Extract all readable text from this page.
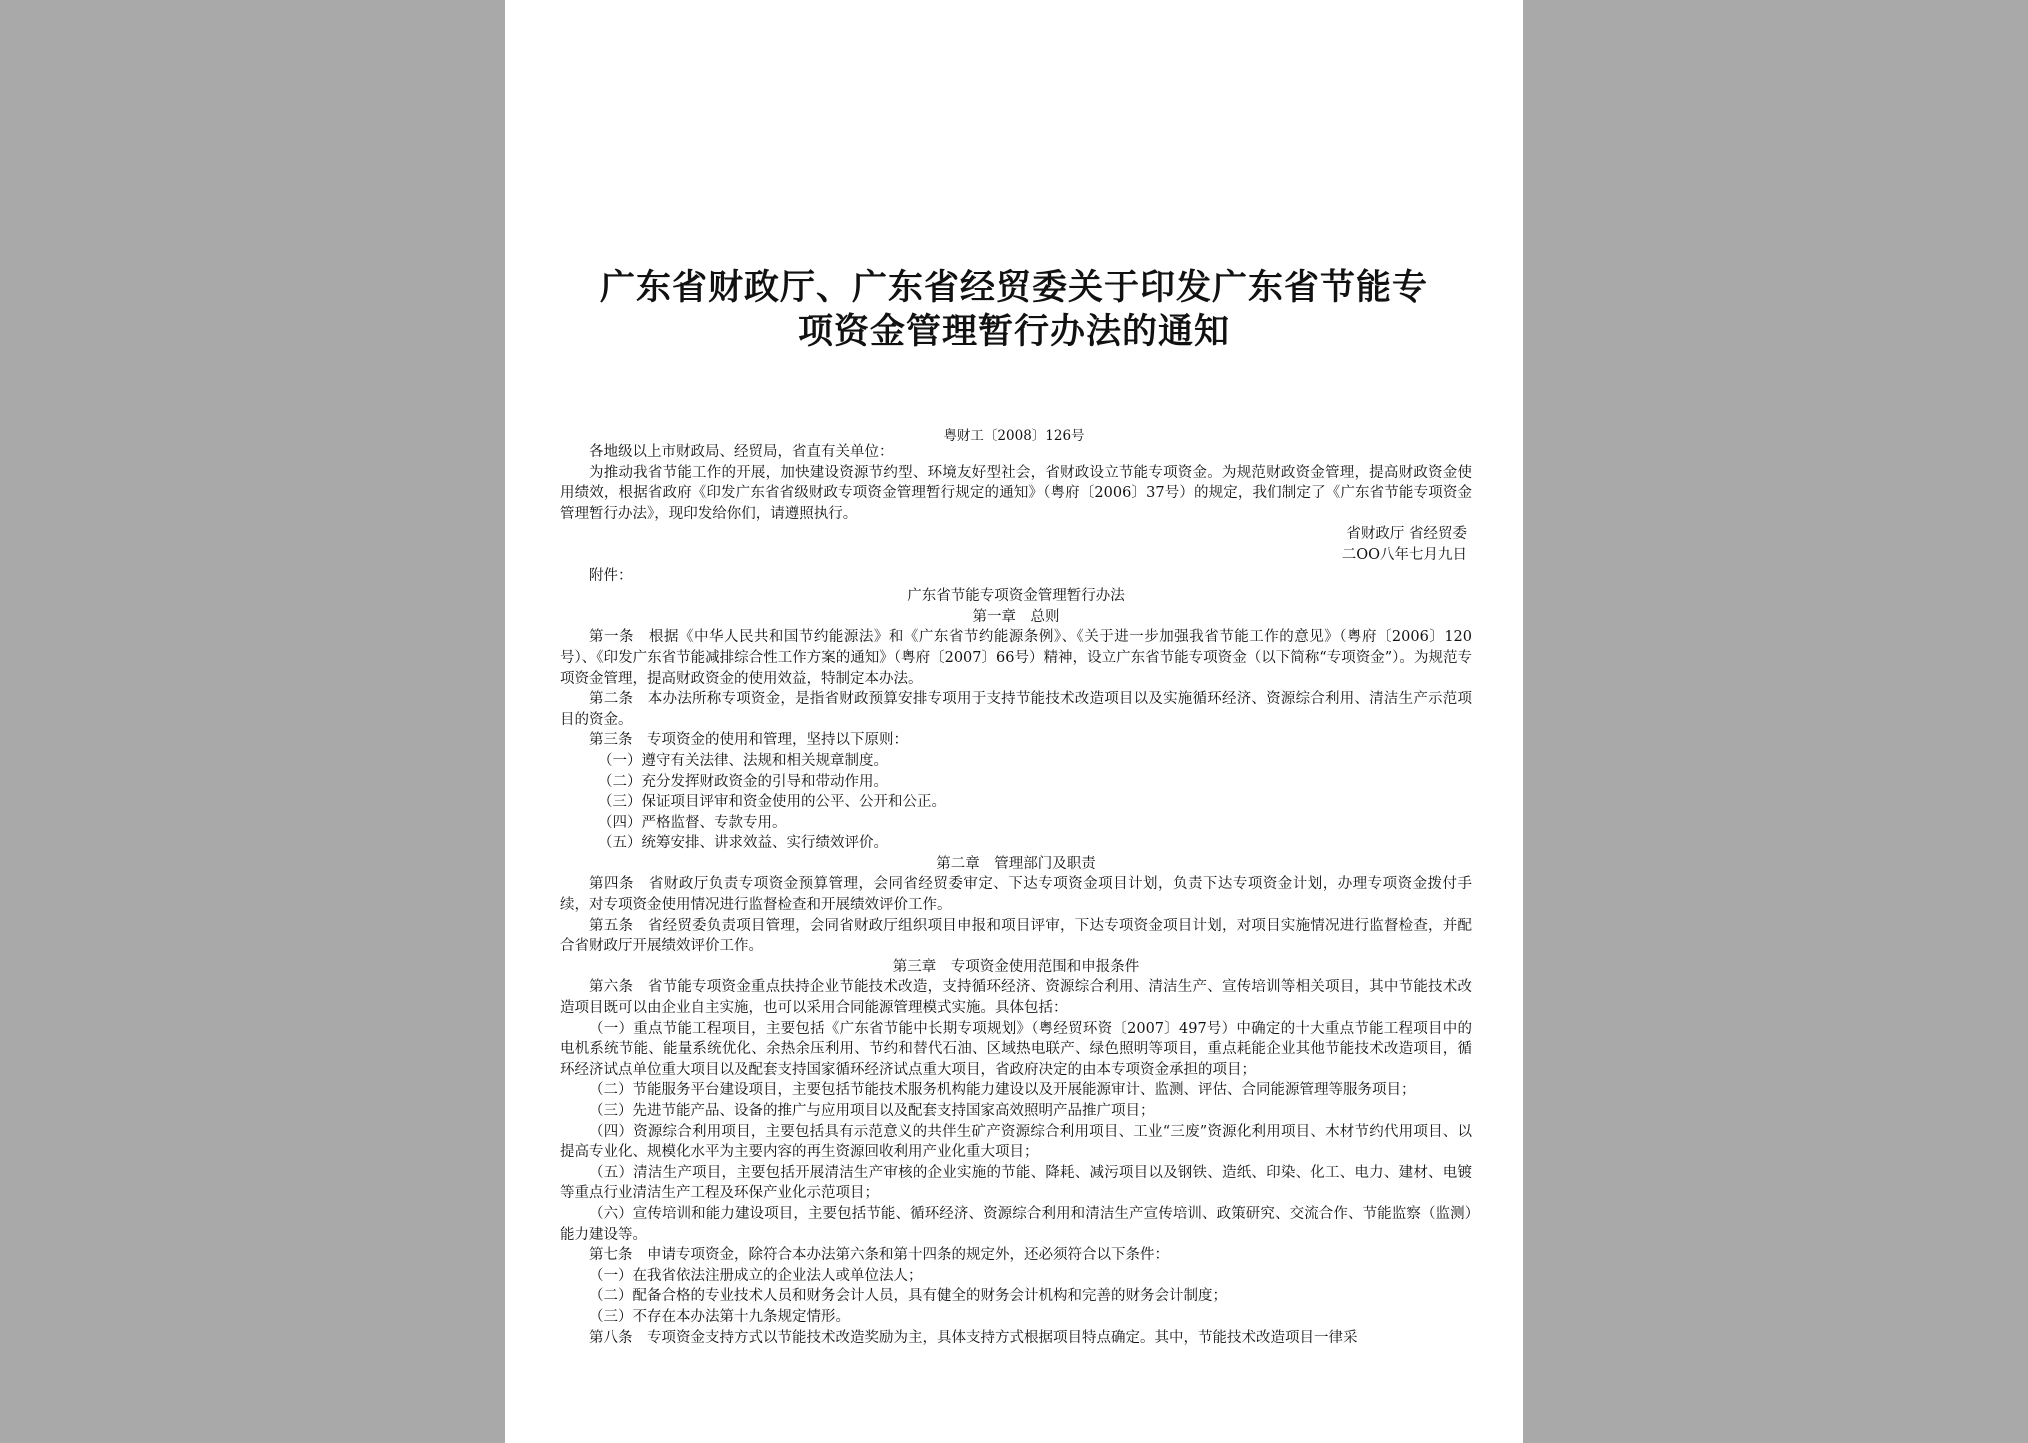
广东省财政厅、广东省经贸委关于印发广东省节能专
项资金管理暂行办法的通知
粤财工〔2008〕126号

各地级以上市财政局、经贸局，省直有关单位：

为推动我省节能工作的开展，加快建设资源节约型、环境友好型社会，省财政设立节能专项资金。为规范财政资金管理，提高财政资金使用绩效，根据省政府《印发广东省省级财政专项资金管理暂行规定的通知》（粤府〔2006〕37号）的规定，我们制定了《广东省节能专项资金管理暂行办法》，现印发给你们，请遵照执行。

省财政厅 省经贸委

二OO八年七月九日

附件：

广东省节能专项资金管理暂行办法

第一章　总则

第一条　根据《中华人民共和国节约能源法》和《广东省节约能源条例》、《关于进一步加强我省节能工作的意见》（粤府〔2006〕120号）、《印发广东省节能减排综合性工作方案的通知》（粤府〔2007〕66号）精神，设立广东省节能专项资金（以下简称“专项资金”）。为规范专项资金管理，提高财政资金的使用效益，特制定本办法。

第二条　本办法所称专项资金，是指省财政预算安排专项用于支持节能技术改造项目以及实施循环经济、资源综合利用、清洁生产示范项目的资金。

第三条　专项资金的使用和管理，坚持以下原则：

（一）遵守有关法律、法规和相关规章制度。

（二）充分发挥财政资金的引导和带动作用。

（三）保证项目评审和资金使用的公平、公开和公正。

（四）严格监督、专款专用。

（五）统筹安排、讲求效益、实行绩效评价。

第二章　管理部门及职责

第四条　省财政厅负责专项资金预算管理，会同省经贸委审定、下达专项资金项目计划，负责下达专项资金计划，办理专项资金拨付手续，对专项资金使用情况进行监督检查和开展绩效评价工作。

第五条　省经贸委负责项目管理，会同省财政厅组织项目申报和项目评审，下达专项资金项目计划，对项目实施情况进行监督检查，并配合省财政厅开展绩效评价工作。

第三章　专项资金使用范围和申报条件

第六条　省节能专项资金重点扶持企业节能技术改造，支持循环经济、资源综合利用、清洁生产、宣传培训等相关项目，其中节能技术改造项目既可以由企业自主实施，也可以采用合同能源管理模式实施。具体包括：

（一）重点节能工程项目，主要包括《广东省节能中长期专项规划》（粤经贸环资〔2007〕497号）中确定的十大重点节能工程项目中的电机系统节能、能量系统优化、余热余压利用、节约和替代石油、区域热电联产、绿色照明等项目，重点耗能企业其他节能技术改造项目，循环经济试点单位重大项目以及配套支持国家循环经济试点重大项目，省政府决定的由本专项资金承担的项目；

（二）节能服务平台建设项目，主要包括节能技术服务机构能力建设以及开展能源审计、监测、评估、合同能源管理等服务项目；

（三）先进节能产品、设备的推广与应用项目以及配套支持国家高效照明产品推广项目；

（四）资源综合利用项目，主要包括具有示范意义的共伴生矿产资源综合利用项目、工业“三废”资源化利用项目、木材节约代用项目、以提高专业化、规模化水平为主要内容的再生资源回收利用产业化重大项目；

（五）清洁生产项目，主要包括开展清洁生产审核的企业实施的节能、降耗、减污项目以及钢铁、造纸、印染、化工、电力、建材、电镀等重点行业清洁生产工程及环保产业化示范项目；

（六）宣传培训和能力建设项目，主要包括节能、循环经济、资源综合利用和清洁生产宣传培训、政策研究、交流合作、节能监察（监测）能力建设等。

第七条　申请专项资金，除符合本办法第六条和第十四条的规定外，还必须符合以下条件：

（一）在我省依法注册成立的企业法人或单位法人；

（二）配备合格的专业技术人员和财务会计人员，具有健全的财务会计机构和完善的财务会计制度；

（三）不存在本办法第十九条规定情形。

第八条　专项资金支持方式以节能技术改造奖励为主，具体支持方式根据项目特点确定。其中，节能技术改造项目一律采
